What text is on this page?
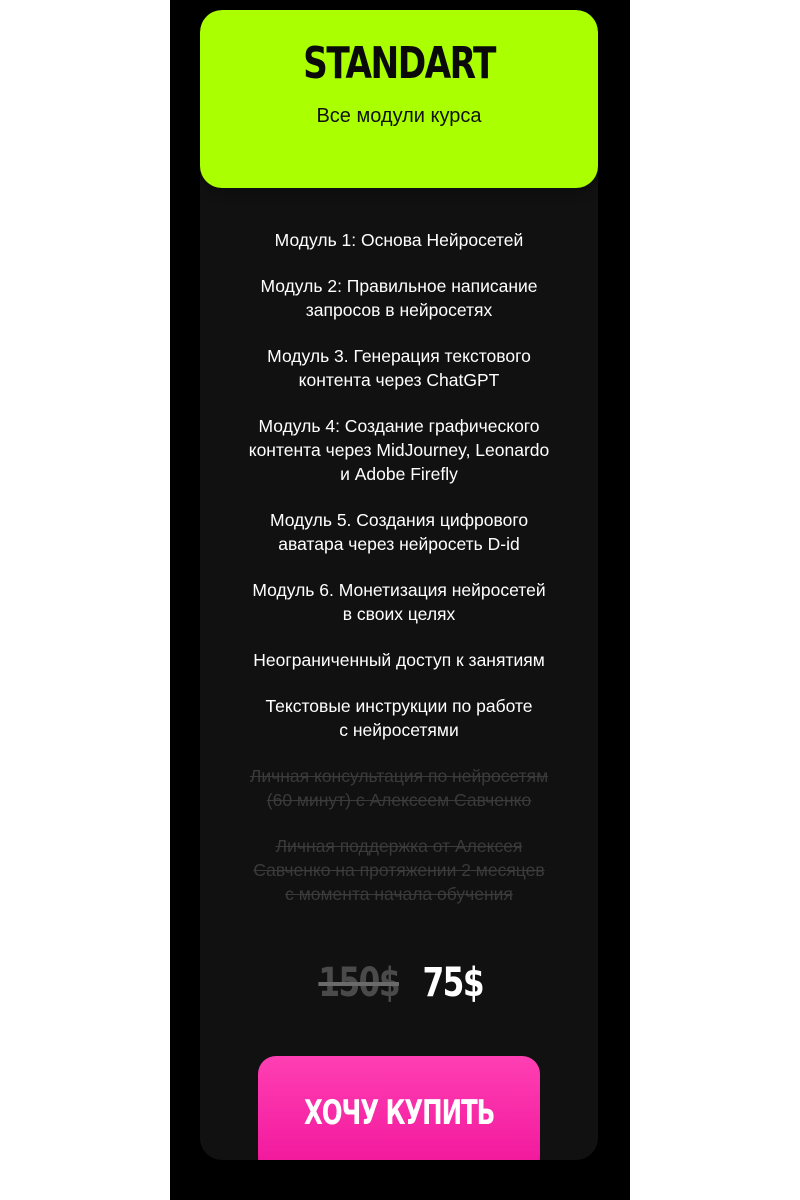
STANDART
Все модули курса
Модуль 1: Основа Нейросетей
Модуль 2: Правильное написание
запросов в нейросетях
Модуль 3. Генерация текстового
контента через ChatGPT
Модуль 4: Создание графического
контента через MidJourney, Leonardo
и Adobe Firefly
Модуль 5. Создания цифрового
аватара через нейросеть D-id
Модуль 6. Монетизация нейросетей
в своих целях
Неограниченный доступ к занятиям
Текстовые инструкции по работе
с нейросетями
Личная консультация по нейросетям
(60 минут) с Алексеем Савченко
Личная поддержка от Алексея
Савченко на протяжении 2 месяцев
с момента начала обучения
150$ 75$
ХОЧУ КУПИТЬ
